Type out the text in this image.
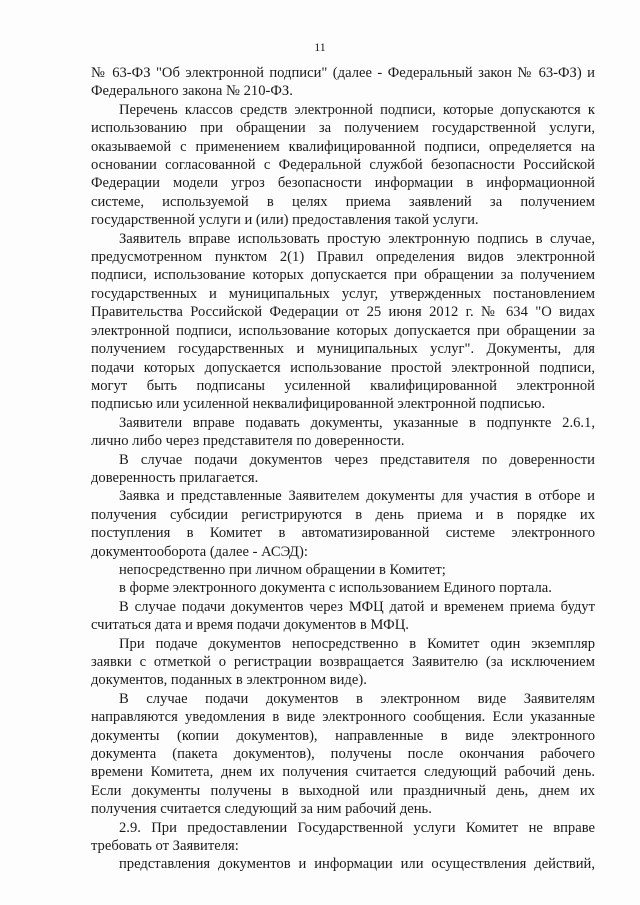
11

№ 63-ФЗ "Об электронной подписи" (далее - Федеральный закон № 63-ФЗ) и

Федерального закона № 210-ФЗ.

Перечень классов средств электронной подписи, которые допускаются к

использованию при обращении за получением государственной услуги,

оказываемой с применением квалифицированной подписи, определяется на

основании согласованной с Федеральной службой безопасности Российской

Федерации модели угроз безопасности информации в информационной

системе, используемой в целях приема заявлений за получением

государственной услуги и (или) предоставления такой услуги.

Заявитель вправе использовать простую электронную подпись в случае,

предусмотренном пунктом 2(1) Правил определения видов электронной

подписи, использование которых допускается при обращении за получением

государственных и муниципальных услуг, утвержденных постановлением

Правительства Российской Федерации от 25 июня 2012 г. № 634 "О видах

электронной подписи, использование которых допускается при обращении за

получением государственных и муниципальных услуг". Документы, для

подачи которых допускается использование простой электронной подписи,

могут быть подписаны усиленной квалифицированной электронной

подписью или усиленной неквалифицированной электронной подписью.

Заявители вправе подавать документы, указанные в подпункте 2.6.1,

лично либо через представителя по доверенности.

В случае подачи документов через представителя по доверенности

доверенность прилагается.

Заявка и представленные Заявителем документы для участия в отборе и

получения субсидии регистрируются в день приема и в порядке их

поступления в Комитет в автоматизированной системе электронного

документооборота (далее - АСЭД):

непосредственно при личном обращении в Комитет;

в форме электронного документа с использованием Единого портала.

В случае подачи документов через МФЦ датой и временем приема будут

считаться дата и время подачи документов в МФЦ.

При подаче документов непосредственно в Комитет один экземпляр

заявки с отметкой о регистрации возвращается Заявителю (за исключением

документов, поданных в электронном виде).

В случае подачи документов в электронном виде Заявителям

направляются уведомления в виде электронного сообщения. Если указанные

документы (копии документов), направленные в виде электронного

документа (пакета документов), получены после окончания рабочего

времени Комитета, днем их получения считается следующий рабочий день.

Если документы получены в выходной или праздничный день, днем их

получения считается следующий за ним рабочий день.

2.9. При предоставлении Государственной услуги Комитет не вправе

требовать от Заявителя:

представления документов и информации или осуществления действий,
